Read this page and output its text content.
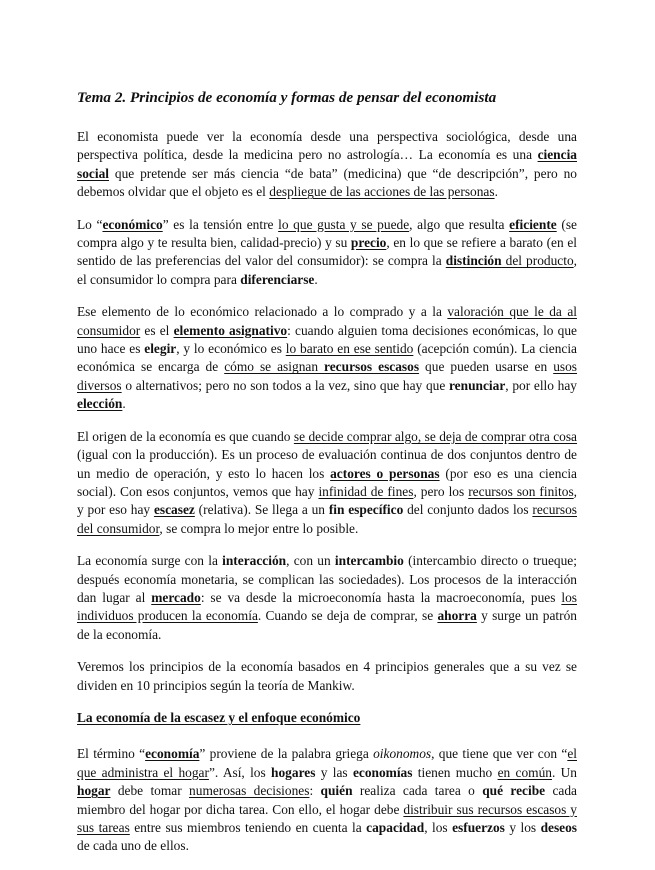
Tema 2. Principios de economía y formas de pensar del economista

El economista puede ver la economía desde una perspectiva sociológica, desde una perspectiva política, desde la medicina pero no astrología… La economía es una ciencia social que pretende ser más ciencia “de bata” (medicina) que “de descripción”, pero no debemos olvidar que el objeto es el despliegue de las acciones de las personas.

Lo “económico” es la tensión entre lo que gusta y se puede, algo que resulta eficiente (se compra algo y te resulta bien, calidad-precio) y su precio, en lo que se refiere a barato (en el sentido de las preferencias del valor del consumidor): se compra la distinción del producto, el consumidor lo compra para diferenciarse.

Ese elemento de lo económico relacionado a lo comprado y a la valoración que le da al consumidor es el elemento asignativo: cuando alguien toma decisiones económicas, lo que uno hace es elegir, y lo económico es lo barato en ese sentido (acepción común). La ciencia económica se encarga de cómo se asignan recursos escasos que pueden usarse en usos diversos o alternativos; pero no son todos a la vez, sino que hay que renunciar, por ello hay elección.

El origen de la economía es que cuando se decide comprar algo, se deja de comprar otra cosa (igual con la producción). Es un proceso de evaluación continua de dos conjuntos dentro de un medio de operación, y esto lo hacen los actores o personas (por eso es una ciencia social). Con esos conjuntos, vemos que hay infinidad de fines, pero los recursos son finitos, y por eso hay escasez (relativa). Se llega a un fin específico del conjunto dados los recursos del consumidor, se compra lo mejor entre lo posible.

La economía surge con la interacción, con un intercambio (intercambio directo o trueque; después economía monetaria, se complican las sociedades). Los procesos de la interacción dan lugar al mercado: se va desde la microeconomía hasta la macroeconomía, pues los individuos producen la economía. Cuando se deja de comprar, se ahorra y surge un patrón de la economía.

Veremos los principios de la economía basados en 4 principios generales que a su vez se dividen en 10 principios según la teoría de Mankiw.

La economía de la escasez y el enfoque económico

El término “economía” proviene de la palabra griega oikonomos, que tiene que ver con “el que administra el hogar”. Así, los hogares y las economías tienen mucho en común. Un hogar debe tomar numerosas decisiones: quién realiza cada tarea o qué recibe cada miembro del hogar por dicha tarea. Con ello, el hogar debe distribuir sus recursos escasos y sus tareas entre sus miembros teniendo en cuenta la capacidad, los esfuerzos y los deseos de cada uno de ellos.
